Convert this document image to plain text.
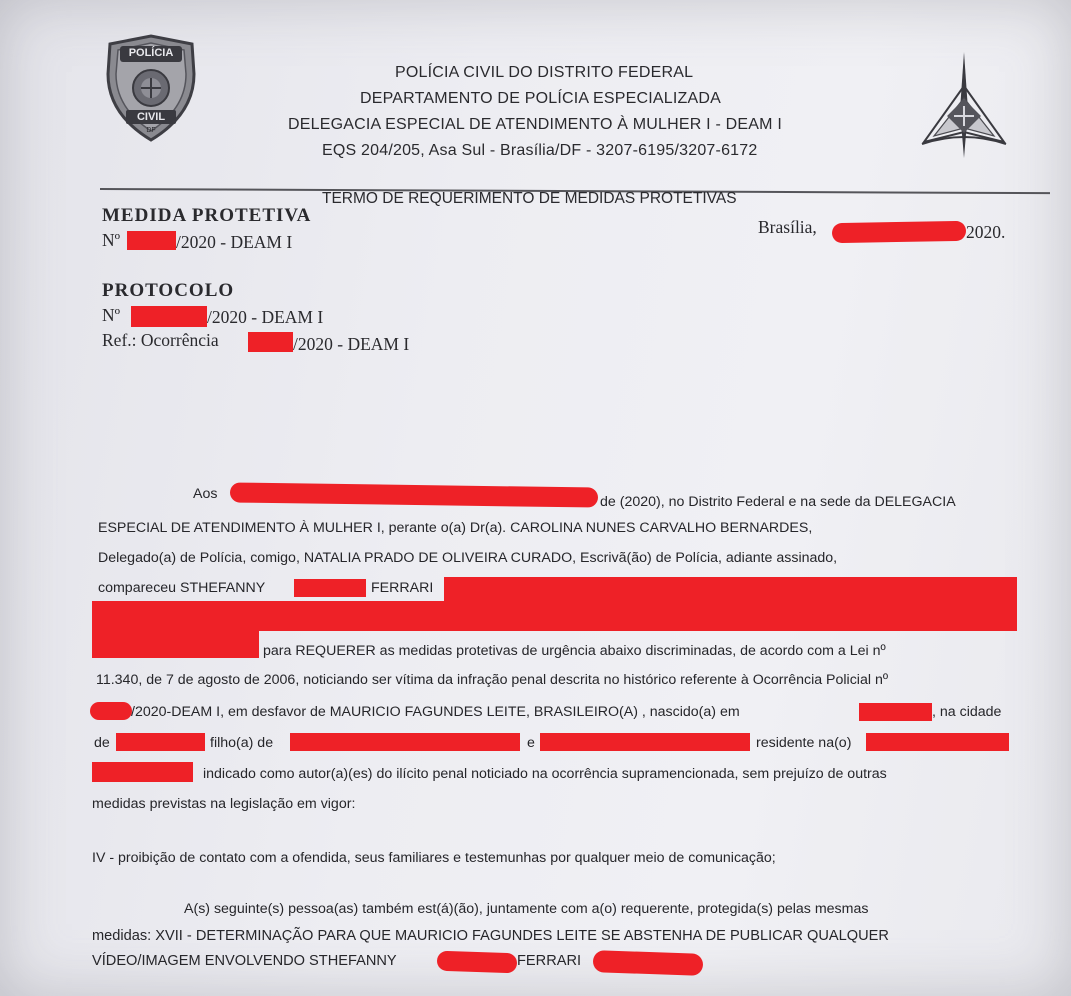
POLÍCIA
CIVIL
DF
POLÍCIA CIVIL DO DISTRITO FEDERAL
DEPARTAMENTO DE POLÍCIA ESPECIALIZADA
DELEGACIA ESPECIAL DE ATENDIMENTO À MULHER I - DEAM I
EQS 204/205, Asa Sul - Brasília/DF - 3207-6195/3207-6172
TERMO DE REQUERIMENTO DE MEDIDAS PROTETIVAS
MEDIDA PROTETIVA
Nº	/2020 - DEAM I
Brasília,	2020.
PROTOCOLO
Nº	/2020 - DEAM I
Ref.: Ocorrência	/2020 - DEAM I
Aos	de (2020), no Distrito Federal e na sede da DELEGACIA
ESPECIAL DE ATENDIMENTO À MULHER I, perante o(a) Dr(a). CAROLINA NUNES CARVALHO BERNARDES,
Delegado(a) de Polícia, comigo, NATALIA PRADO DE OLIVEIRA CURADO, Escrivã(ão) de Polícia, adiante assinado,
compareceu STHEFANNY	FERRARI
para REQUERER as medidas protetivas de urgência abaixo discriminadas, de acordo com a Lei nº
11.340, de 7 de agosto de 2006, noticiando ser vítima da infração penal descrita no histórico referente à Ocorrência Policial nº
/2020-DEAM I, em desfavor de MAURICIO FAGUNDES LEITE, BRASILEIRO(A) , nascido(a) em	, na cidade
de	filho(a) de	e	residente na(o)
indicado como autor(a)(es) do ilícito penal noticiado na ocorrência supramencionada, sem prejuízo de outras
medidas previstas na legislação em vigor:
IV - proibição de contato com a ofendida, seus familiares e testemunhas por qualquer meio de comunicação;
A(s) seguinte(s) pessoa(as) também est(á)(ão), juntamente com a(o) requerente, protegida(s) pelas mesmas
medidas: XVII - DETERMINAÇÃO PARA QUE MAURICIO FAGUNDES LEITE SE ABSTENHA DE PUBLICAR QUALQUER
VÍDEO/IMAGEM ENVOLVENDO STHEFANNY	FERRARI
